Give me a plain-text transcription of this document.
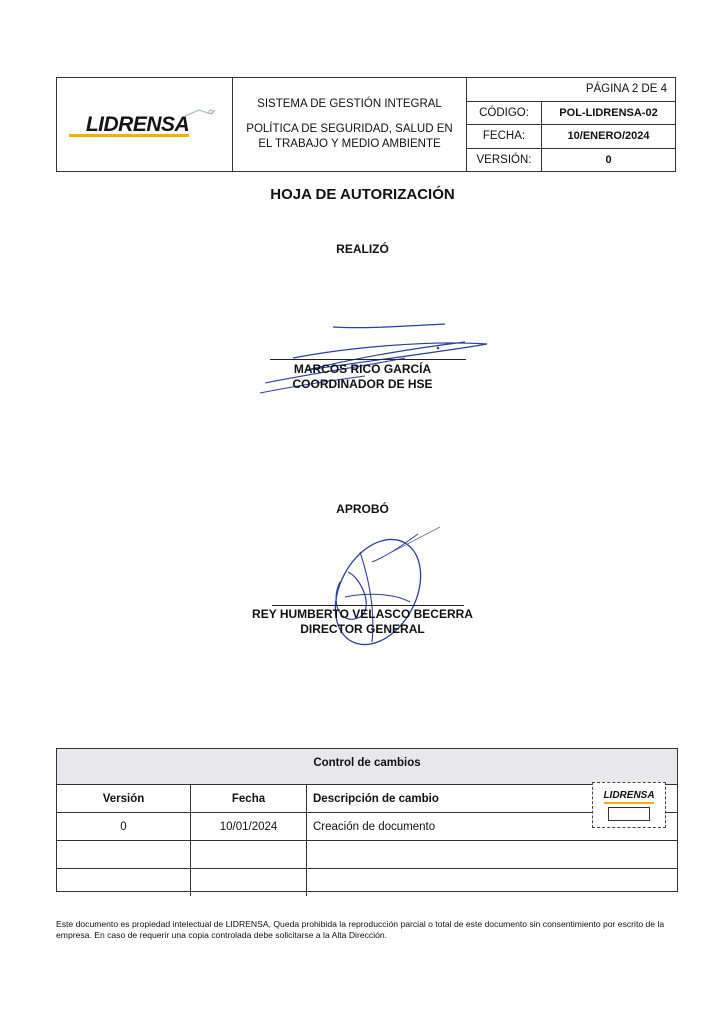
LIDRENSA
SISTEMA DE GESTIÓN INTEGRAL
POLÍTICA DE SEGURIDAD, SALUD EN EL TRABAJO Y MEDIO AMBIENTE
PÁGINA 2 DE 4
CÓDIGO:	POL-LIDRENSA-02
FECHA:	10/ENERO/2024
VERSIÓN:	0
HOJA DE AUTORIZACIÓN
REALIZÓ
MARCOS RICO GARCÍA
COORDINADOR DE HSE
APROBÓ
REY HUMBERTO VELASCO BECERRA
DIRECTOR GENERAL
Control de cambios
Versión	Fecha	Descripción de cambio
0	10/01/2024	Creación de documento
LIDRENSA
Este documento es propiedad intelectual de LIDRENSA, Queda prohibida la reproducción parcial o total de este documento sin consentimiento por escrito de la empresa. En caso de requerir una copia controlada debe solicitarse a la Alta Dirección.
